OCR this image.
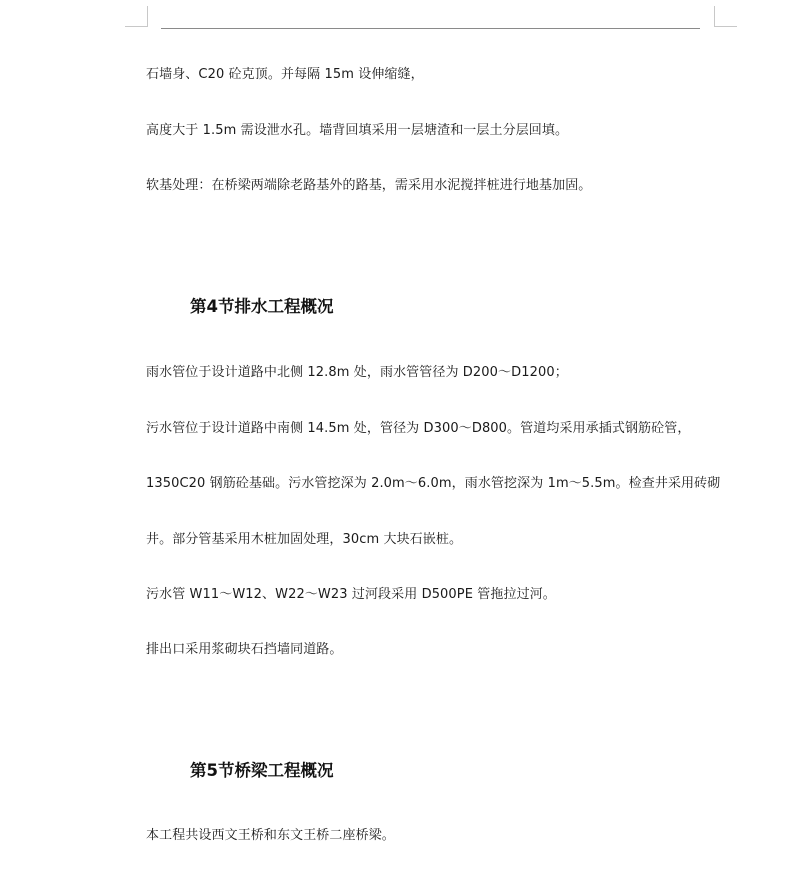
石墙身、C20 砼克顶。并每隔 15m 设伸缩缝，
高度大于 1.5m 需设泄水孔。墙背回填采用一层塘渣和一层土分层回填。
软基处理：在桥梁两端除老路基外的路基，需采用水泥搅拌桩进行地基加固。
第4节排水工程概况
雨水管位于设计道路中北侧 12.8m 处，雨水管管径为 D200～D1200；
污水管位于设计道路中南侧 14.5m 处，管径为 D300～D800。管道均采用承插式钢筋砼管，
1350C20 钢筋砼基础。污水管挖深为 2.0m～6.0m，雨水管挖深为 1m～5.5m。检查井采用砖砌
井。部分管基采用木桩加固处理，30cm 大块石嵌桩。
污水管 W11～W12、W22～W23 过河段采用 D500PE 管拖拉过河。
排出口采用浆砌块石挡墙同道路。
第5节桥梁工程概况
本工程共设西文王桥和东文王桥二座桥梁。
